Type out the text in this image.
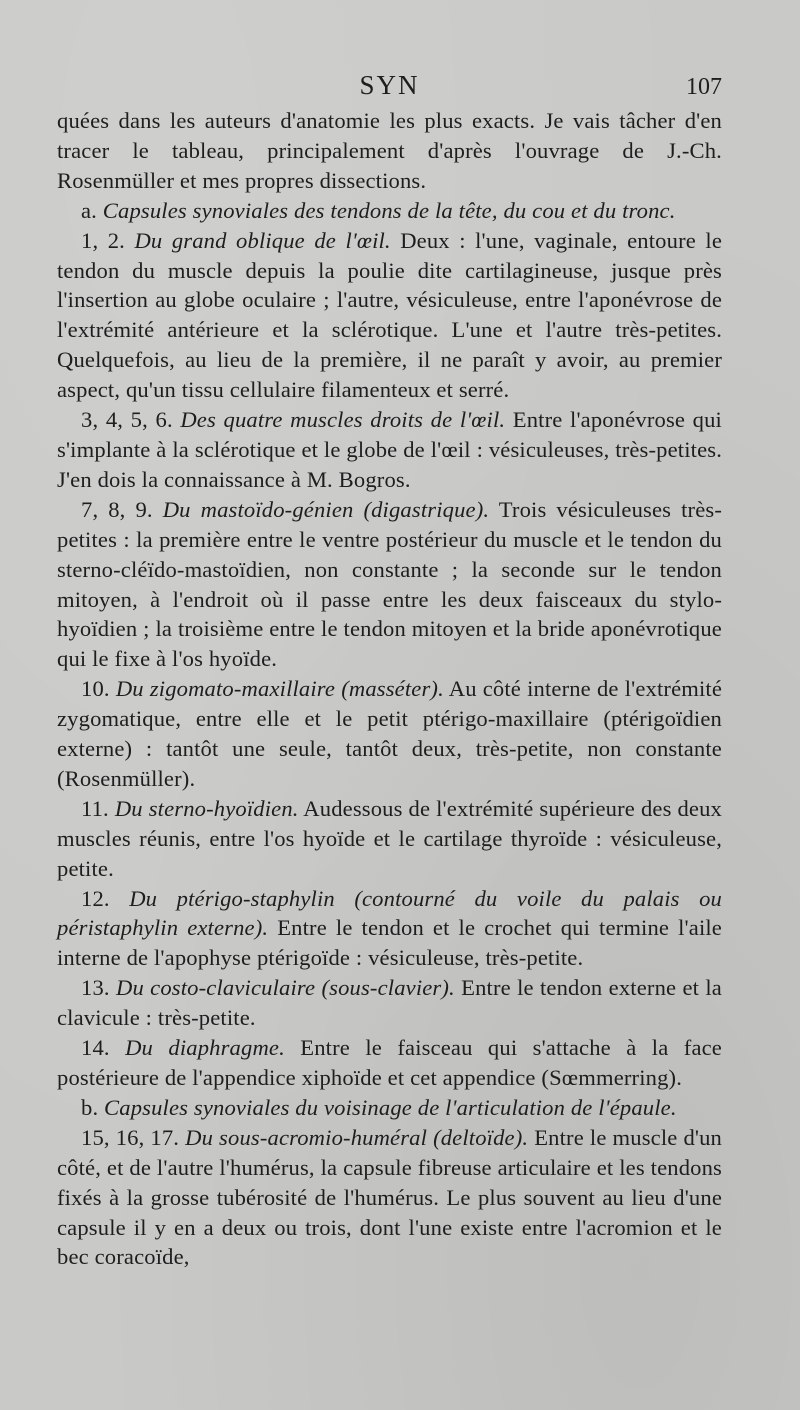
SYN	107

quées dans les auteurs d'anatomie les plus exacts. Je vais tâcher d'en tracer le tableau, principalement d'après l'ouvrage de J.-Ch. Rosenmüller et mes propres dissections.

a. Capsules synoviales des tendons de la tête, du cou et du tronc.

1, 2. Du grand oblique de l'œil. Deux : l'une, vaginale, entoure le tendon du muscle depuis la poulie dite cartilagineuse, jusque près l'insertion au globe oculaire ; l'autre, vésiculeuse, entre l'aponévrose de l'extrémité antérieure et la sclérotique. L'une et l'autre très-petites. Quelquefois, au lieu de la première, il ne paraît y avoir, au premier aspect, qu'un tissu cellulaire filamenteux et serré.

3, 4, 5, 6. Des quatre muscles droits de l'œil. Entre l'aponévrose qui s'implante à la sclérotique et le globe de l'œil : vésiculeuses, très-petites. J'en dois la connaissance à M. Bogros.

7, 8, 9. Du mastoïdo-génien (digastrique). Trois vésiculeuses très-petites : la première entre le ventre postérieur du muscle et le tendon du sterno-cléïdo-mastoïdien, non constante ; la seconde sur le tendon mitoyen, à l'endroit où il passe entre les deux faisceaux du stylo-hyoïdien ; la troisième entre le tendon mitoyen et la bride aponévrotique qui le fixe à l'os hyoïde.

10. Du zigomato-maxillaire (masséter). Au côté interne de l'extrémité zygomatique, entre elle et le petit ptérigo-maxillaire (ptérigoïdien externe) : tantôt une seule, tantôt deux, très-petite, non constante (Rosenmüller).

11. Du sterno-hyoïdien. Audessous de l'extrémité supérieure des deux muscles réunis, entre l'os hyoïde et le cartilage thyroïde : vésiculeuse, petite.

12. Du ptérigo-staphylin (contourné du voile du palais ou péristaphylin externe). Entre le tendon et le crochet qui termine l'aile interne de l'apophyse ptérigoïde : vésiculeuse, très-petite.

13. Du costo-claviculaire (sous-clavier). Entre le tendon externe et la clavicule : très-petite.

14. Du diaphragme. Entre le faisceau qui s'attache à la face postérieure de l'appendice xiphoïde et cet appendice (Sœmmerring).

b. Capsules synoviales du voisinage de l'articulation de l'épaule.

15, 16, 17. Du sous-acromio-huméral (deltoïde). Entre le muscle d'un côté, et de l'autre l'humérus, la capsule fibreuse articulaire et les tendons fixés à la grosse tubérosité de l'humérus. Le plus souvent au lieu d'une capsule il y en a deux ou trois, dont l'une existe entre l'acromion et le bec coracoïde,
